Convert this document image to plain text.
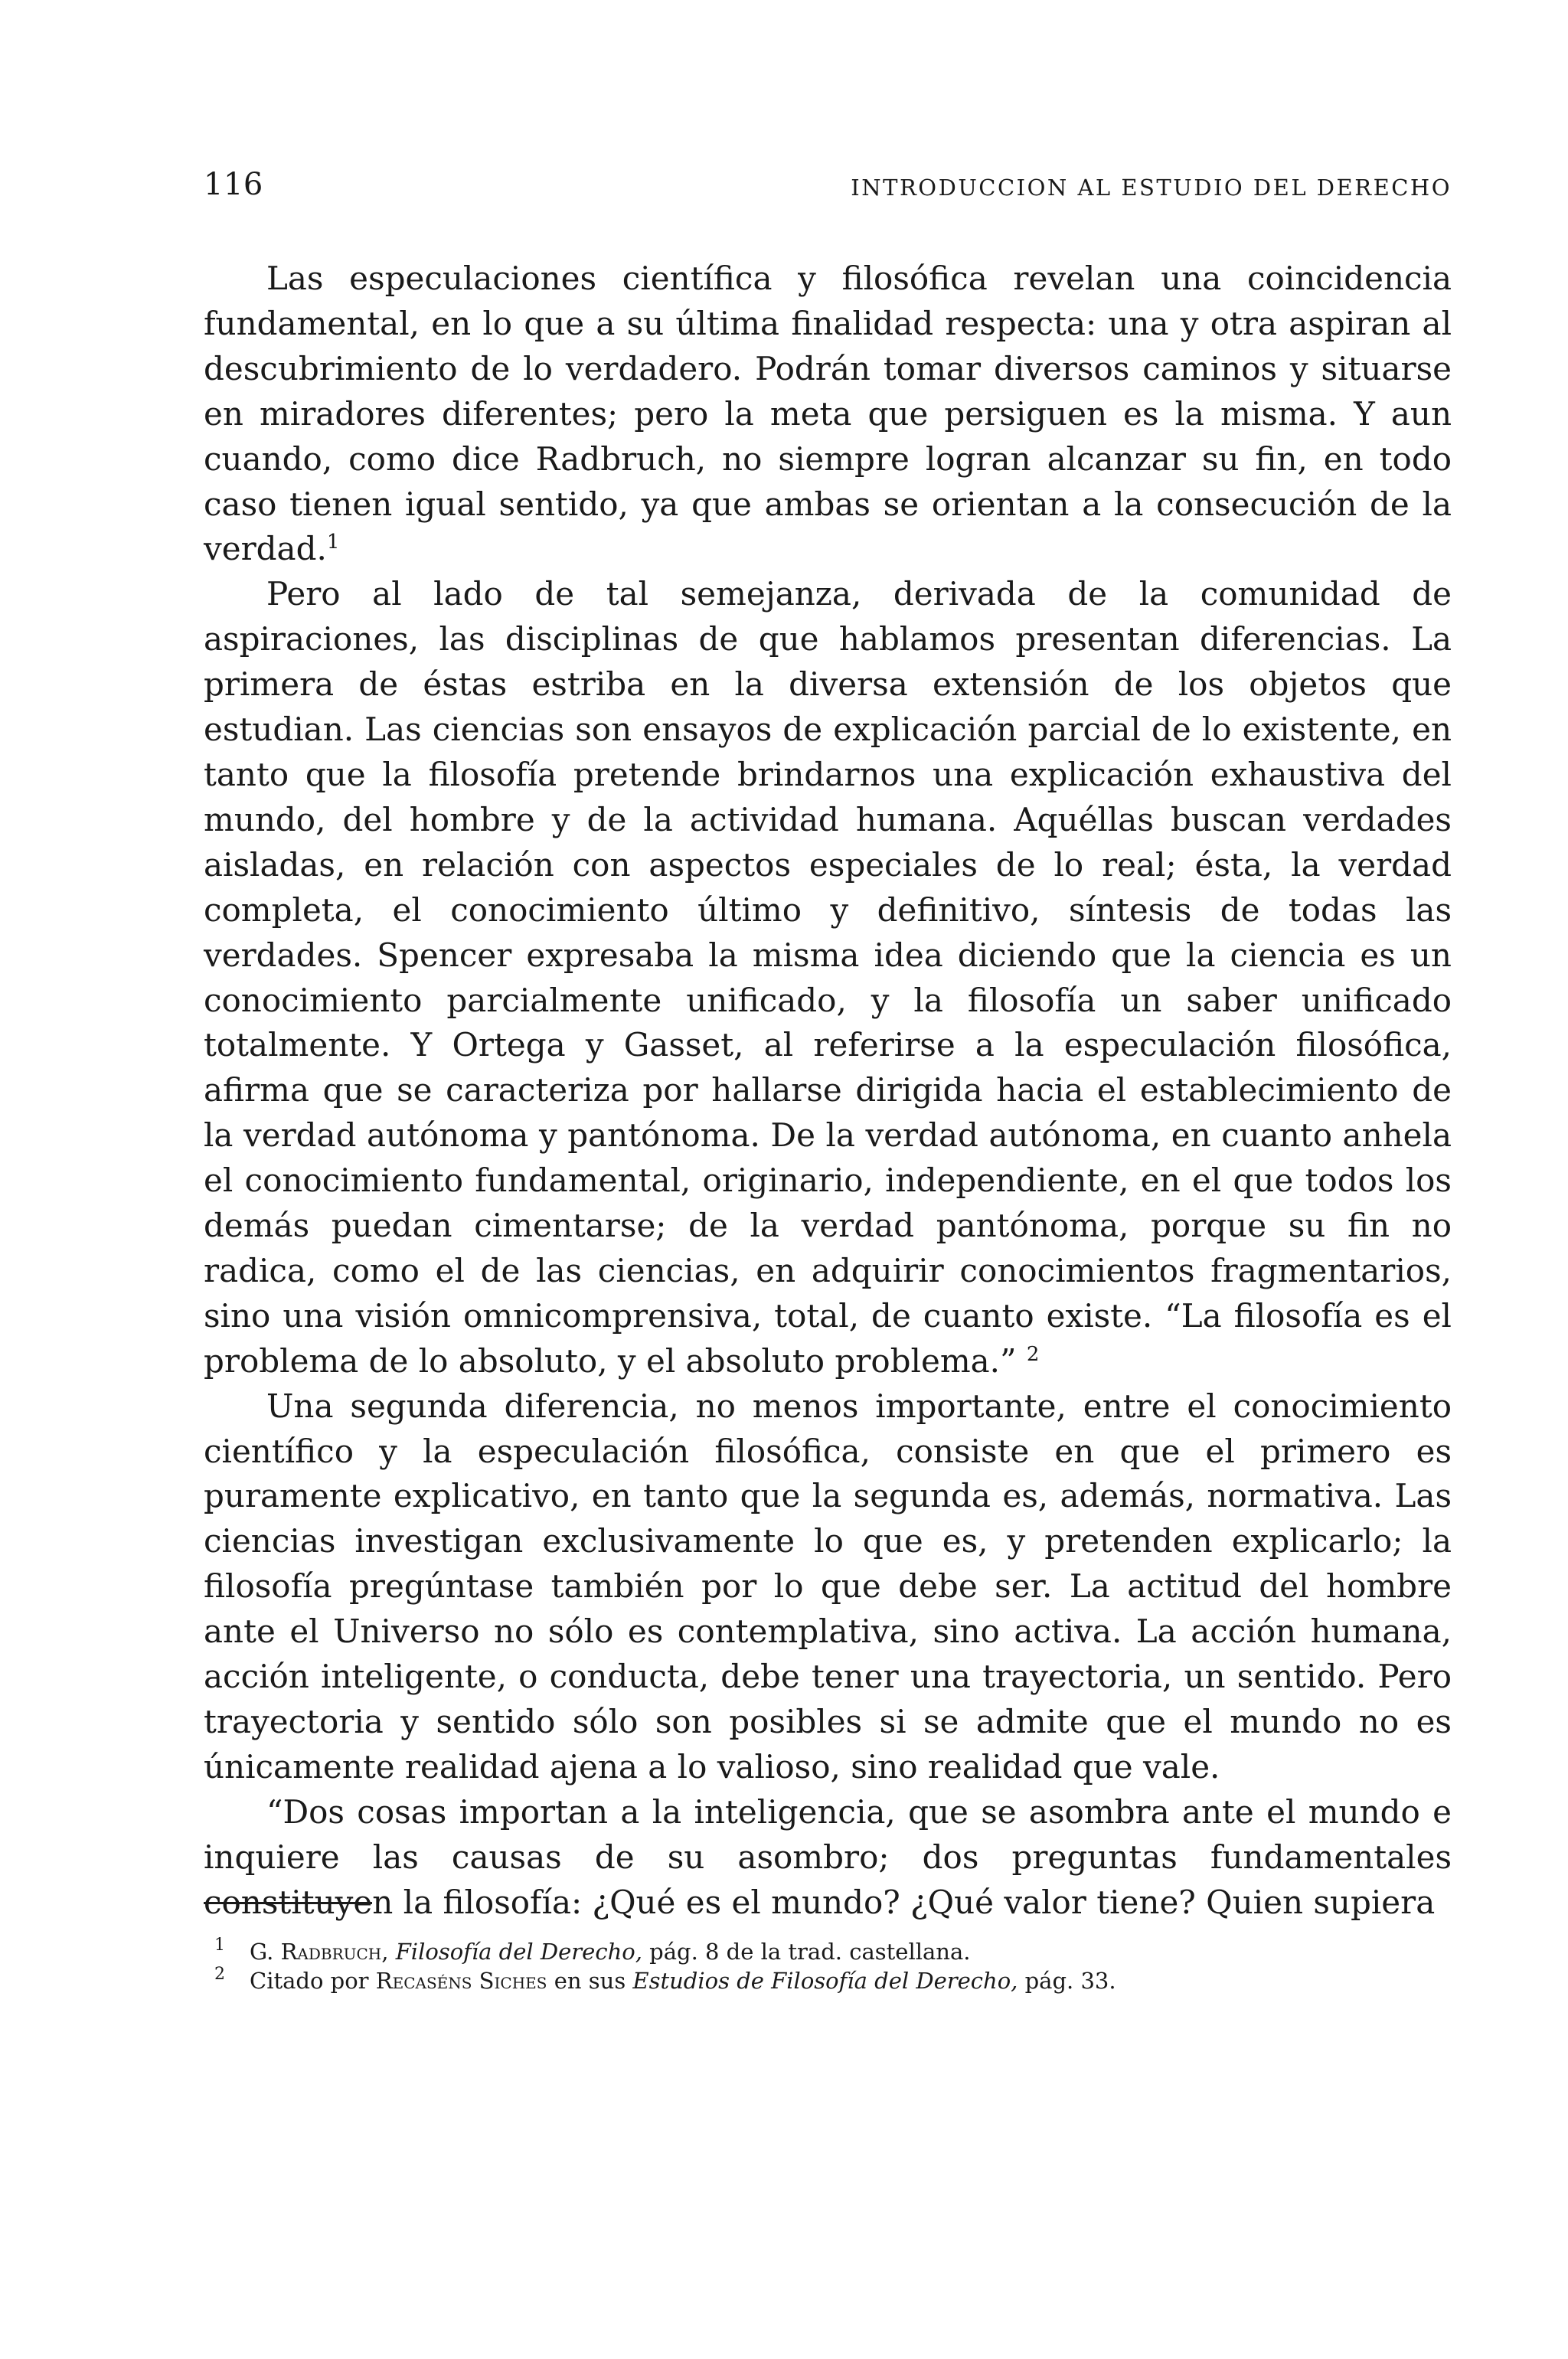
116	INTRODUCCION AL ESTUDIO DEL DERECHO

Las especulaciones científica y filosófica revelan una coincidencia fundamental, en lo que a su última finalidad respecta: una y otra aspiran al descubrimiento de lo verdadero. Podrán tomar diversos caminos y situarse en miradores diferentes; pero la meta que persiguen es la misma. Y aun cuando, como dice Radbruch, no siempre logran alcanzar su fin, en todo caso tienen igual sentido, ya que ambas se orientan a la consecución de la verdad.$^1$

Pero al lado de tal semejanza, derivada de la comunidad de aspiraciones, las disciplinas de que hablamos presentan diferencias. La primera de éstas estriba en la diversa extensión de los objetos que estudian. Las ciencias son ensayos de explicación parcial de lo existente, en tanto que la filosofía pretende brindarnos una explicación exhaustiva del mundo, del hombre y de la actividad humana. Aquéllas buscan verdades aisladas, en relación con aspectos especiales de lo real; ésta, la verdad completa, el conocimiento último y definitivo, síntesis de todas las verdades. Spencer expresaba la misma idea diciendo que la ciencia es un conocimiento parcialmente unificado, y la filosofía un saber unificado totalmente. Y Ortega y Gasset, al referirse a la especulación filosófica, afirma que se caracteriza por hallarse dirigida hacia el establecimiento de la verdad autónoma y pantónoma. De la verdad autónoma, en cuanto anhela el conocimiento fundamental, originario, independiente, en el que todos los demás puedan cimentarse; de la verdad pantónoma, porque su fin no radica, como el de las ciencias, en adquirir conocimientos fragmentarios, sino una visión omnicomprensiva, total, de cuanto existe. “La filosofía es el problema de lo absoluto, y el absoluto problema.” $^2$

Una segunda diferencia, no menos importante, entre el conocimiento científico y la especulación filosófica, consiste en que el primero es puramente explicativo, en tanto que la segunda es, además, normativa. Las ciencias investigan exclusivamente lo que es, y pretenden explicarlo; la filosofía pregúntase también por lo que debe ser. La actitud del hombre ante el Universo no sólo es contemplativa, sino activa. La acción humana, acción inteligente, o conducta, debe tener una trayectoria, un sentido. Pero trayectoria y sentido sólo son posibles si se admite que el mundo no es únicamente realidad ajena a lo valioso, sino realidad que vale.

“Dos cosas importan a la inteligencia, que se asombra ante el mundo e inquiere las causas de su asombro; dos preguntas fundamentales constituyen la filosofía: ¿Qué es el mundo? ¿Qué valor tiene? Quien supiera

1 G. Radbruch, Filosofía del Derecho, pág. 8 de la trad. castellana.

2 Citado por Recaséns Siches en sus Estudios de Filosofía del Derecho, pág. 33.
